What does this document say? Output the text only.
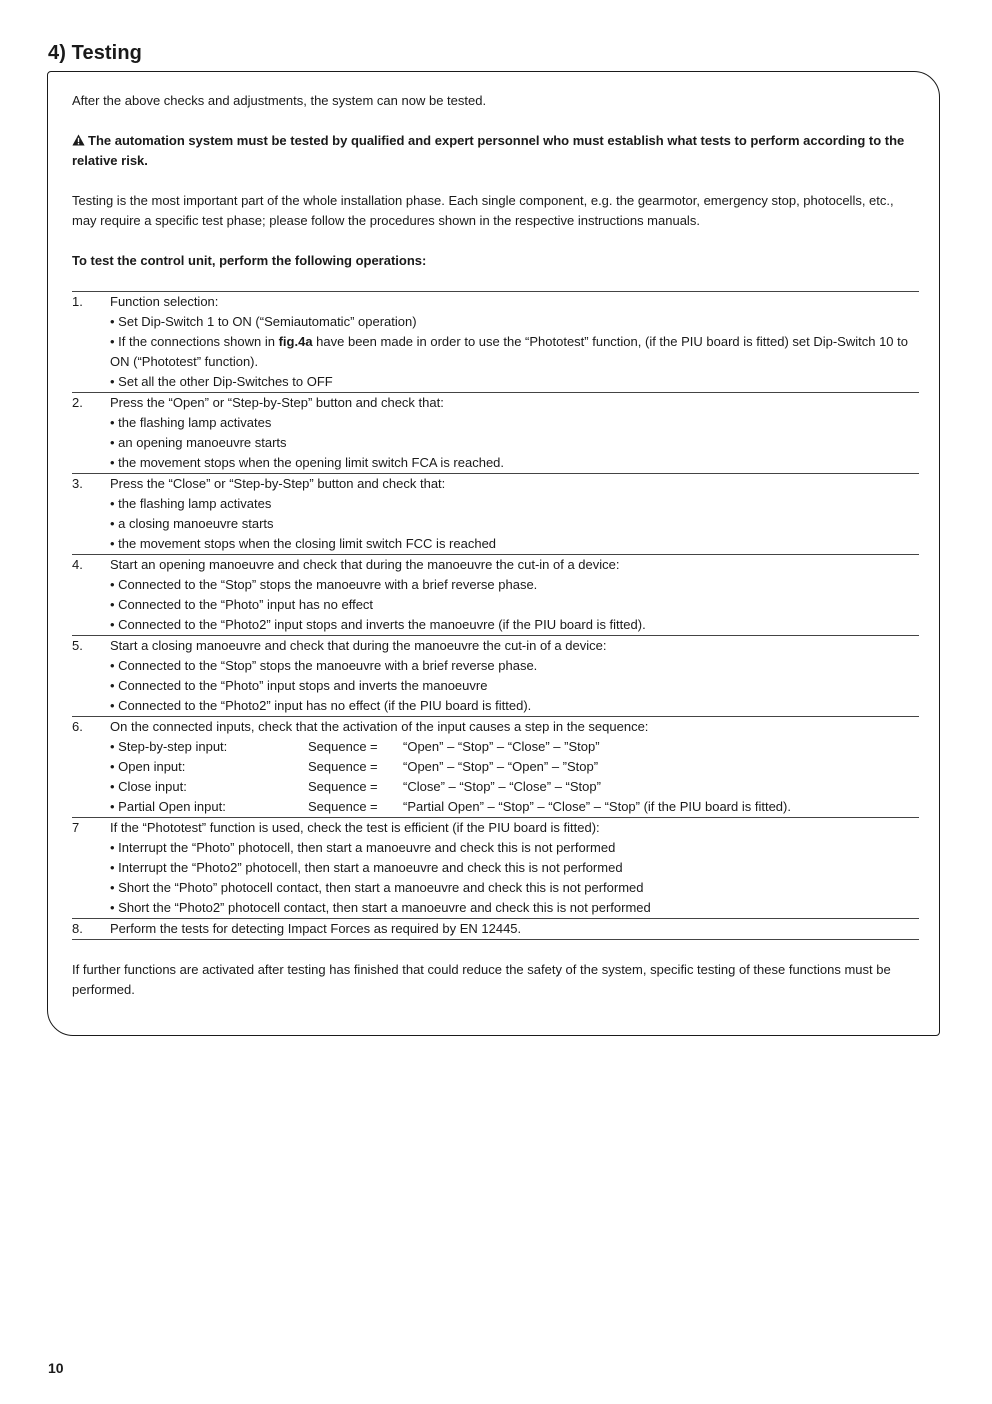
4) Testing

After the above checks and adjustments, the system can now be tested.

The automation system must be tested by qualified and expert personnel who must establish what tests to perform according to the relative risk.

Testing is the most important part of the whole installation phase. Each single component, e.g. the gearmotor, emergency stop, photocells, etc., may require a specific test phase; please follow the procedures shown in the respective instructions manuals.

To test the control unit, perform the following operations:

1.	Function selection:
• Set Dip-Switch 1 to ON (“Semiautomatic” operation)
• If the connections shown in fig.4a have been made in order to use the “Phototest” function, (if the PIU board is fitted) set Dip-Switch 10 to ON (“Phototest” function).
• Set all the other Dip-Switches to OFF
2.	Press the “Open” or “Step-by-Step” button and check that:
• the flashing lamp activates
• an opening manoeuvre starts
• the movement stops when the opening limit switch FCA is reached.
3.	Press the “Close” or “Step-by-Step” button and check that:
• the flashing lamp activates
• a closing manoeuvre starts
• the movement stops when the closing limit switch FCC is reached
4.	Start an opening manoeuvre and check that during the manoeuvre the cut-in of a device:
• Connected to the “Stop” stops the manoeuvre with a brief reverse phase.
• Connected to the “Photo” input has no effect
• Connected to the “Photo2” input stops and inverts the manoeuvre (if the PIU board is fitted).
5.	Start a closing manoeuvre and check that during the manoeuvre the cut-in of a device:
• Connected to the “Stop” stops the manoeuvre with a brief reverse phase.
• Connected to the “Photo” input stops and inverts the manoeuvre
• Connected to the “Photo2” input has no effect (if the PIU board is fitted).
6.	On the connected inputs, check that the activation of the input causes a step in the sequence:
• Step-by-step input:	Sequence =	“Open” – “Stop” – “Close” – ”Stop”
• Open input:	Sequence =	“Open” – “Stop” – “Open” – ”Stop”
• Close input:	Sequence =	“Close” – “Stop” – “Close” – “Stop”
• Partial Open input:	Sequence =	“Partial Open” – “Stop” – “Close” – “Stop” (if the PIU board is fitted).
7	If the “Phototest” function is used, check the test is efficient (if the PIU board is fitted):
• Interrupt the “Photo” photocell, then start a manoeuvre and check this is not performed
• Interrupt the “Photo2” photocell, then start a manoeuvre and check this is not performed
• Short the “Photo” photocell contact, then start a manoeuvre and check this is not performed
• Short the “Photo2” photocell contact, then start a manoeuvre and check this is not performed
8.	Perform the tests for detecting Impact Forces as required by EN 12445.

If further functions are activated after testing has finished that could reduce the safety of the system, specific testing of these functions must be performed.

10
